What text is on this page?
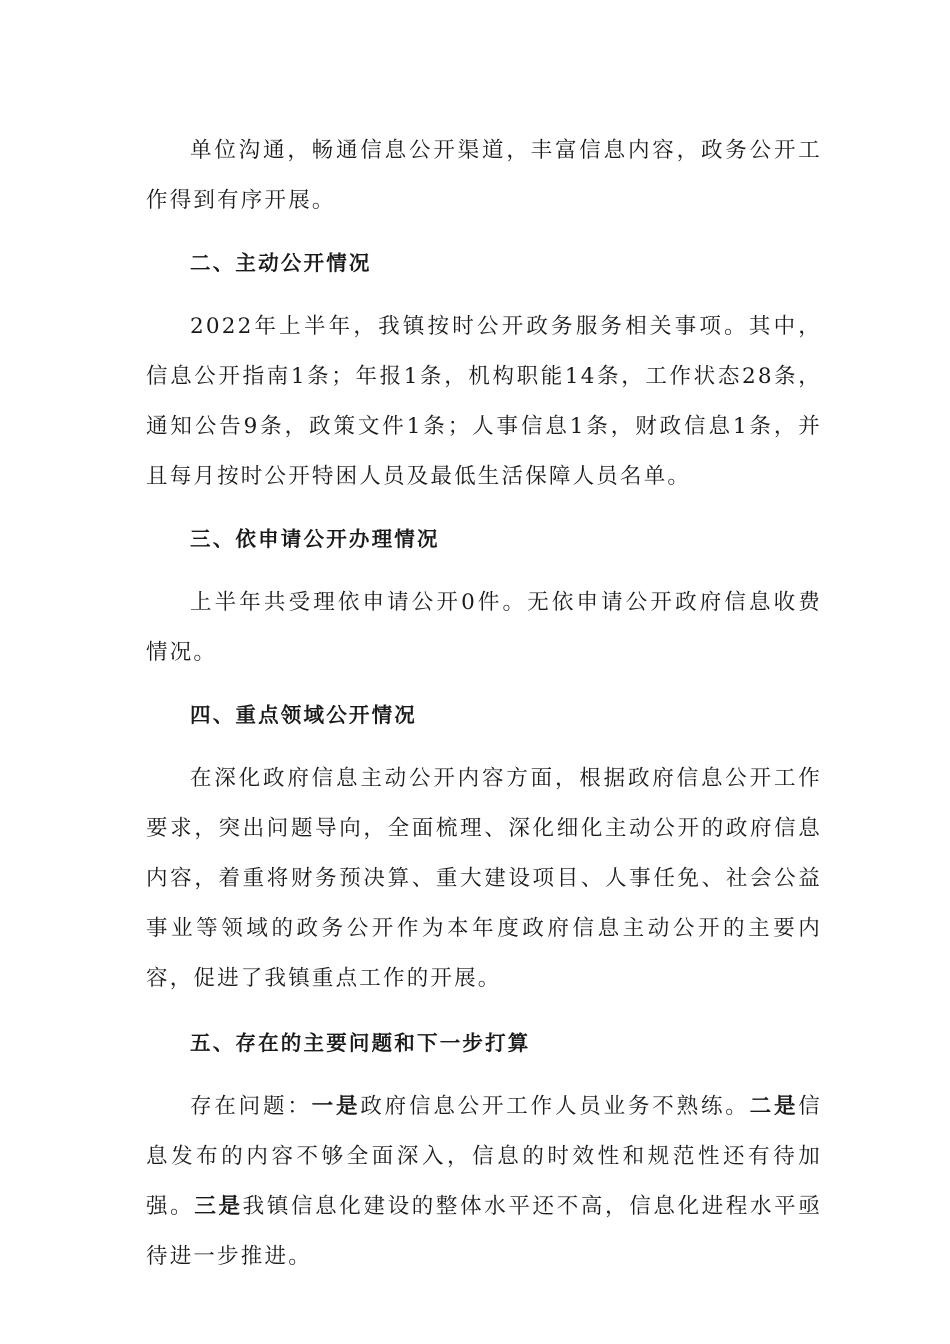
单位沟通，畅通信息公开渠道，丰富信息内容，政务公开工作得到有序开展。

二、主动公开情况

2022年上半年，我镇按时公开政务服务相关事项。其中，信息公开指南1条；年报1条，机构职能14条，工作状态28条，通知公告9条，政策文件1条；人事信息1条，财政信息1条，并且每月按时公开特困人员及最低生活保障人员名单。

三、依申请公开办理情况

上半年共受理依申请公开0件。无依申请公开政府信息收费情况。

四、重点领域公开情况

在深化政府信息主动公开内容方面，根据政府信息公开工作要求，突出问题导向，全面梳理、深化细化主动公开的政府信息内容，着重将财务预决算、重大建设项目、人事任免、社会公益事业等领域的政务公开作为本年度政府信息主动公开的主要内容，促进了我镇重点工作的开展。

五、存在的主要问题和下一步打算

存在问题：一是政府信息公开工作人员业务不熟练。二是信息发布的内容不够全面深入，信息的时效性和规范性还有待加强。三是我镇信息化建设的整体水平还不高，信息化进程水平亟待进一步推进。
